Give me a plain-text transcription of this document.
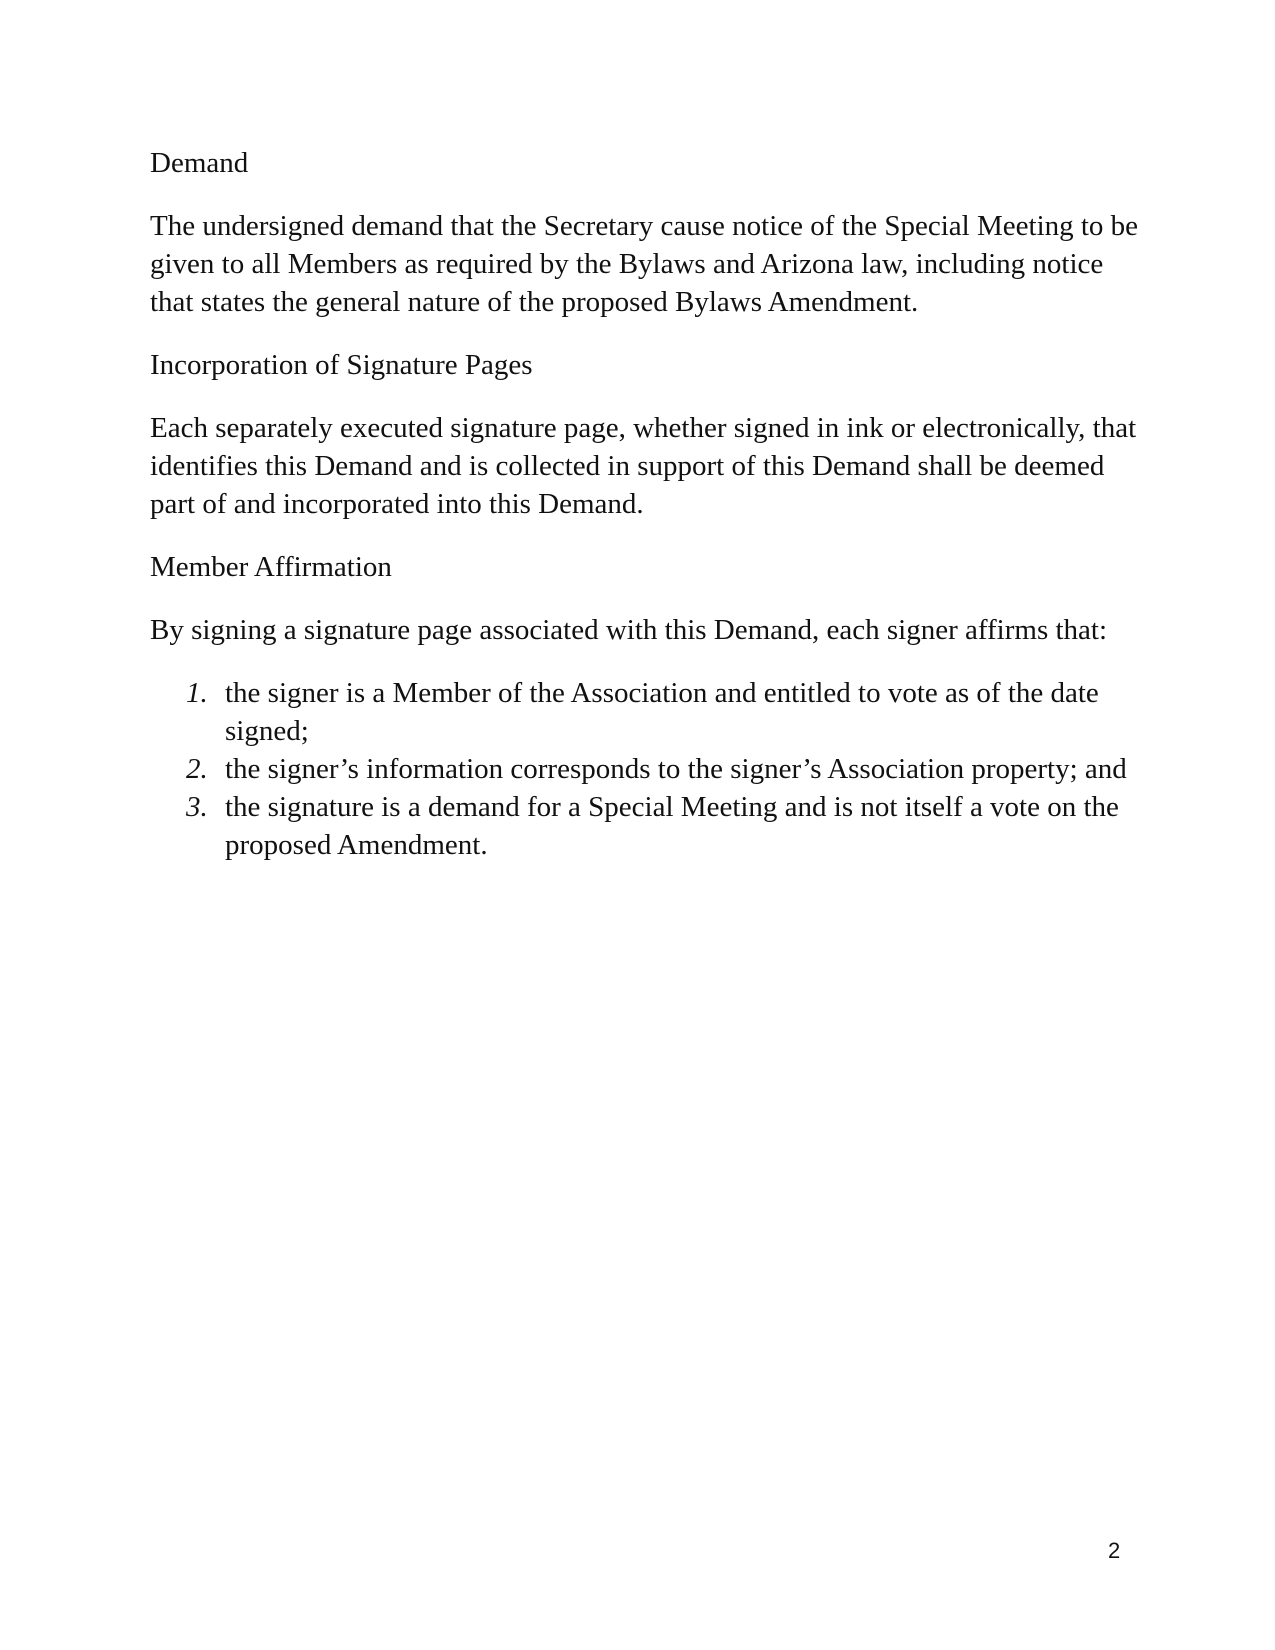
Demand

The undersigned demand that the Secretary cause notice of the Special Meeting to be given to all Members as required by the Bylaws and Arizona law, including notice that states the general nature of the proposed Bylaws Amendment.

Incorporation of Signature Pages

Each separately executed signature page, whether signed in ink or electronically, that identifies this Demand and is collected in support of this Demand shall be deemed part of and incorporated into this Demand.

Member Affirmation

By signing a signature page associated with this Demand, each signer affirms that:

1. the signer is a Member of the Association and entitled to vote as of the date signed;
2. the signer’s information corresponds to the signer’s Association property; and
3. the signature is a demand for a Special Meeting and is not itself a vote on the proposed Amendment.
2
